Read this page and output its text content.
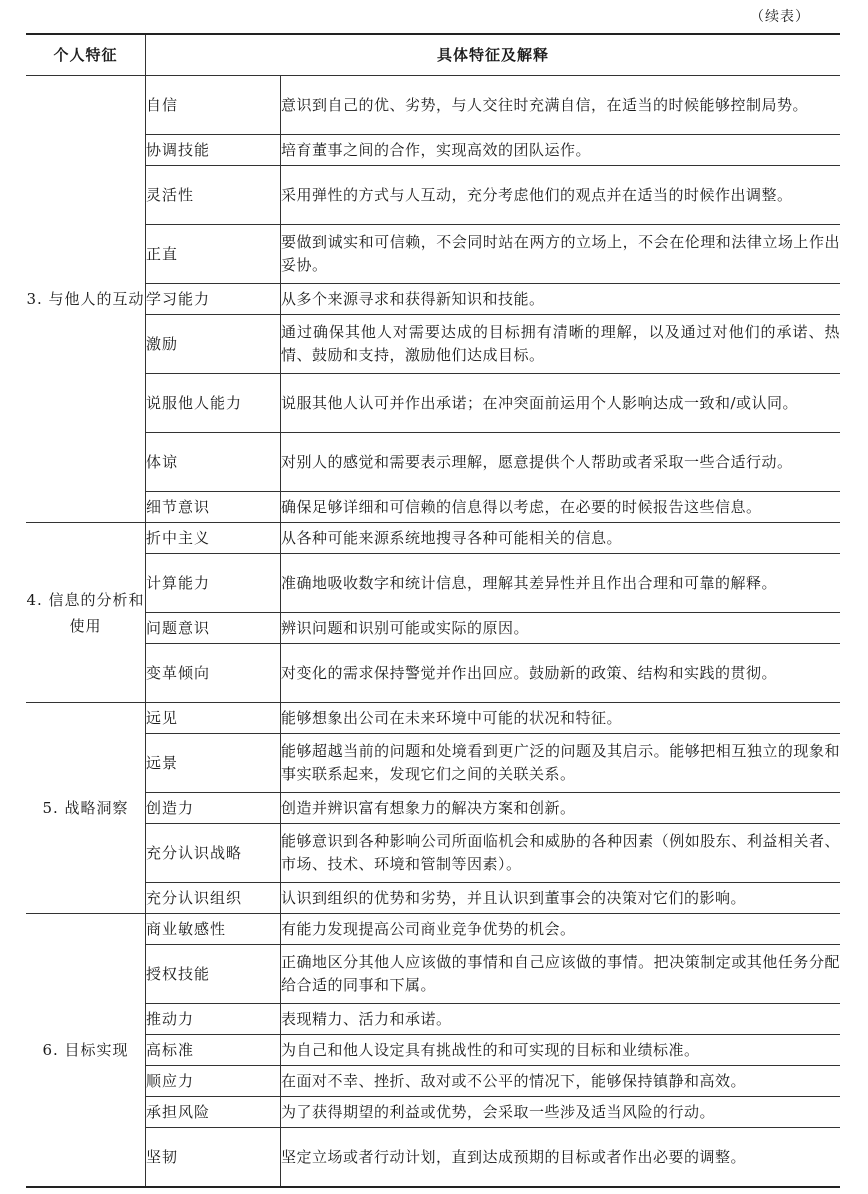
（续表）
个人特征	具体特征及解释	
3. 与他人的互动	自信	意识到自己的优、劣势，与人交往时充满自信，在适当的时候能够控制局势。
	协调技能	培育董事之间的合作，实现高效的团队运作。
	灵活性	采用弹性的方式与人互动，充分考虑他们的观点并在适当的时候作出调整。
	正直	要做到诚实和可信赖，不会同时站在两方的立场上，不会在伦理和法律立场上作出妥协。
	学习能力	从多个来源寻求和获得新知识和技能。
	激励	通过确保其他人对需要达成的目标拥有清晰的理解，以及通过对他们的承诺、热情、鼓励和支持，激励他们达成目标。
	说服他人能力	说服其他人认可并作出承诺；在冲突面前运用个人影响达成一致和/或认同。
	体谅	对别人的感觉和需要表示理解，愿意提供个人帮助或者采取一些合适行动。
	细节意识	确保足够详细和可信赖的信息得以考虑，在必要的时候报告这些信息。
4. 信息的分析和使用	折中主义	从各种可能来源系统地搜寻各种可能相关的信息。
	计算能力	准确地吸收数字和统计信息，理解其差异性并且作出合理和可靠的解释。
	问题意识	辨识问题和识别可能或实际的原因。
	变革倾向	对变化的需求保持警觉并作出回应。鼓励新的政策、结构和实践的贯彻。
5. 战略洞察	远见	能够想象出公司在未来环境中可能的状况和特征。
	远景	能够超越当前的问题和处境看到更广泛的问题及其启示。能够把相互独立的现象和事实联系起来，发现它们之间的关联关系。
	创造力	创造并辨识富有想象力的解决方案和创新。
	充分认识战略	能够意识到各种影响公司所面临机会和威胁的各种因素（例如股东、利益相关者、市场、技术、环境和管制等因素）。
	充分认识组织	认识到组织的优势和劣势，并且认识到董事会的决策对它们的影响。
6. 目标实现	商业敏感性	有能力发现提高公司商业竞争优势的机会。
	授权技能	正确地区分其他人应该做的事情和自己应该做的事情。把决策制定或其他任务分配给合适的同事和下属。
	推动力	表现精力、活力和承诺。
	高标准	为自己和他人设定具有挑战性的和可实现的目标和业绩标准。
	顺应力	在面对不幸、挫折、敌对或不公平的情况下，能够保持镇静和高效。
	承担风险	为了获得期望的利益或优势，会采取一些涉及适当风险的行动。
	坚韧	坚定立场或者行动计划，直到达成预期的目标或者作出必要的调整。
